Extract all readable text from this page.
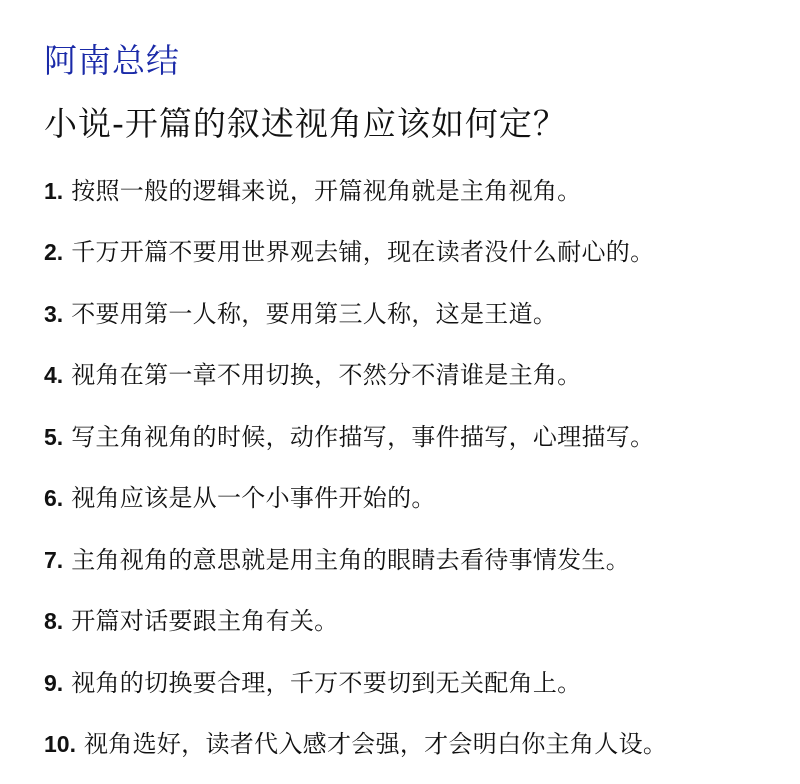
阿南总结
小说-开篇的叙述视角应该如何定？
1. 按照一般的逻辑来说，开篇视角就是主角视角。
2. 千万开篇不要用世界观去铺，现在读者没什么耐心的。
3. 不要用第一人称，要用第三人称，这是王道。
4. 视角在第一章不用切换，不然分不清谁是主角。
5. 写主角视角的时候，动作描写，事件描写，心理描写。
6. 视角应该是从一个小事件开始的。
7. 主角视角的意思就是用主角的眼睛去看待事情发生。
8. 开篇对话要跟主角有关。
9. 视角的切换要合理，千万不要切到无关配角上。
10. 视角选好，读者代入感才会强，才会明白你主角人设。
